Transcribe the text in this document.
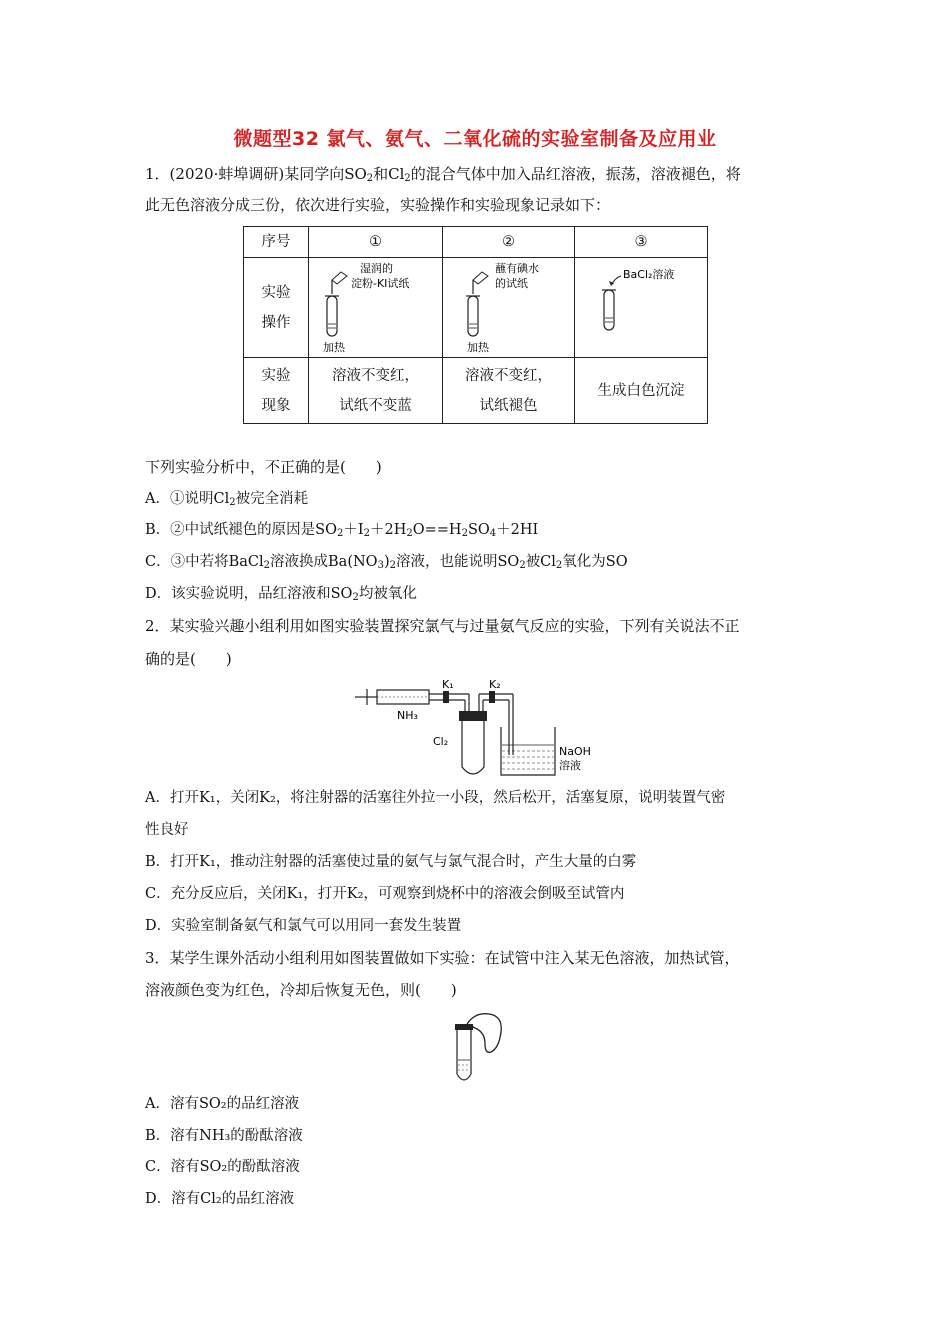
微题型32 氯气、氨气、二氧化硫的实验室制备及应用业
1．(2020·蚌埠调研)某同学向$SO_2$和$Cl_2$的混合气体中加入品红溶液，振荡，溶液褪色，将
此无色溶液分成三份，依次进行实验，实验操作和实验现象记录如下：
序号	①	②	③

实验
操作	湿润的
淀粉-KI试纸
加热	蘸有碘水
的试纸
加热	BaCl₂溶液

实验
现象	溶液不变红，
试纸不变蓝	溶液不变红，
试纸褪色	生成白色沉淀
下列实验分析中，不正确的是(　　)
A．①说明$Cl_2$被完全消耗
B．②中试纸褪色的原因是$SO_2+I_2+2H_2O==H_2SO_4+2HI$
C．③中若将BaCl$_2$溶液换成$Ba(NO_3)_2$溶液，也能说明$SO_2$被$Cl_2$氧化为SO
D．该实验说明，品红溶液和$SO_2$均被氧化
2．某实验兴趣小组利用如图实验装置探究氯气与过量氨气反应的实验，下列有关说法不正
确的是(　　)
K₁	K₂
NH₃
Cl₂
NaOH
溶液
A．打开K₁，关闭K₂，将注射器的活塞往外拉一小段，然后松开，活塞复原，说明装置气密
性良好
B．打开K₁，推动注射器的活塞使过量的氨气与氯气混合时，产生大量的白雾
C．充分反应后，关闭K₁，打开K₂，可观察到烧杯中的溶液会倒吸至试管内
D．实验室制备氨气和氯气可以用同一套发生装置
3．某学生课外活动小组利用如图装置做如下实验：在试管中注入某无色溶液，加热试管，
溶液颜色变为红色，冷却后恢复无色，则(　　)
A．溶有SO₂的品红溶液
B．溶有NH₃的酚酞溶液
C．溶有SO₂的酚酞溶液
D．溶有Cl₂的品红溶液
